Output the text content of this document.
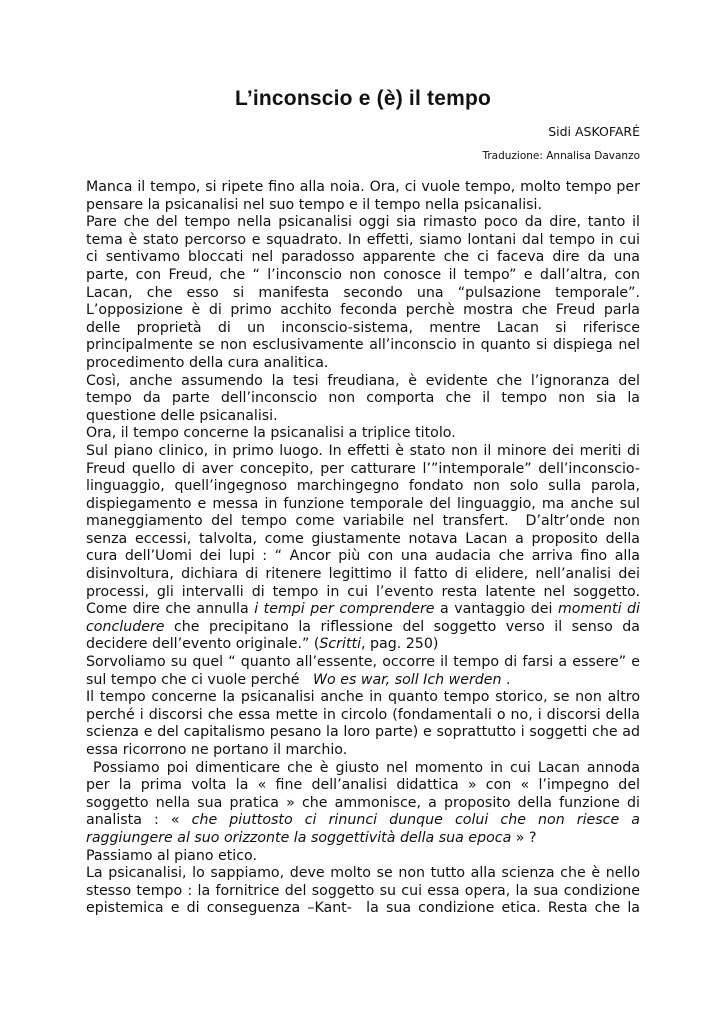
L’inconscio e (è) il tempo
Sidi ASKOFARÉ
Traduzione: Annalisa Davanzo
Manca il tempo, si ripete fino alla noia. Ora, ci vuole tempo, molto tempo per
pensare la psicanalisi nel suo tempo e il tempo nella psicanalisi.
Pare che del tempo nella psicanalisi oggi sia rimasto poco da dire, tanto il
tema è stato percorso e squadrato. In effetti, siamo lontani dal tempo in cui
ci sentivamo bloccati nel paradosso apparente che ci faceva dire da una
parte, con Freud, che “ l’inconscio non conosce il tempo” e dall’altra, con
Lacan, che esso si manifesta secondo una “pulsazione temporale”.
L’opposizione è di primo acchito feconda perchè mostra che Freud parla
delle proprietà di un inconscio-sistema, mentre Lacan si riferisce
principalmente se non esclusivamente all’inconscio in quanto si dispiega nel
procedimento della cura analitica.
Così, anche assumendo la tesi freudiana, è evidente che l’ignoranza del
tempo da parte dell’inconscio non comporta che il tempo non sia la
questione delle psicanalisi.
Ora, il tempo concerne la psicanalisi a triplice titolo.
Sul piano clinico, in primo luogo. In effetti è stato non il minore dei meriti di
Freud quello di aver concepito, per catturare l’”intemporale” dell’inconscio-
linguaggio, quell’ingegnoso marchingegno fondato non solo sulla parola,
dispiegamento e messa in funzione temporale del linguaggio, ma anche sul
maneggiamento del tempo come variabile nel transfert.  D’altr’onde non
senza eccessi, talvolta, come giustamente notava Lacan a proposito della
cura dell’Uomi dei lupi : “ Ancor più con una audacia che arriva fino alla
disinvoltura, dichiara di ritenere legittimo il fatto di elidere, nell’analisi dei
processi, gli intervalli di tempo in cui l’evento resta latente nel soggetto.
Come dire che annulla i tempi per comprendere a vantaggio dei momenti di
concludere che precipitano la riflessione del soggetto verso il senso da
decidere dell’evento originale.” (Scritti, pag. 250)
Sorvoliamo su quel “ quanto all’essente, occorre il tempo di farsi a essere” e
sul tempo che ci vuole perché   Wo es war, soll Ich werden .
Il tempo concerne la psicanalisi anche in quanto tempo storico, se non altro
perché i discorsi che essa mette in circolo (fondamentali o no, i discorsi della
scienza e del capitalismo pesano la loro parte) e soprattutto i soggetti che ad
essa ricorrono ne portano il marchio.
Possiamo poi dimenticare che è giusto nel momento in cui Lacan annoda
per la prima volta la « fine dell’analisi didattica » con « l’impegno del
soggetto nella sua pratica » che ammonisce, a proposito della funzione di
analista : « che piuttosto ci rinunci dunque colui che non riesce a
raggiungere al suo orizzonte la soggettività della sua epoca » ?
Passiamo al piano etico.
La psicanalisi, lo sappiamo, deve molto se non tutto alla scienza che è nello
stesso tempo : la fornitrice del soggetto su cui essa opera, la sua condizione
epistemica e di conseguenza –Kant-  la sua condizione etica. Resta che la
